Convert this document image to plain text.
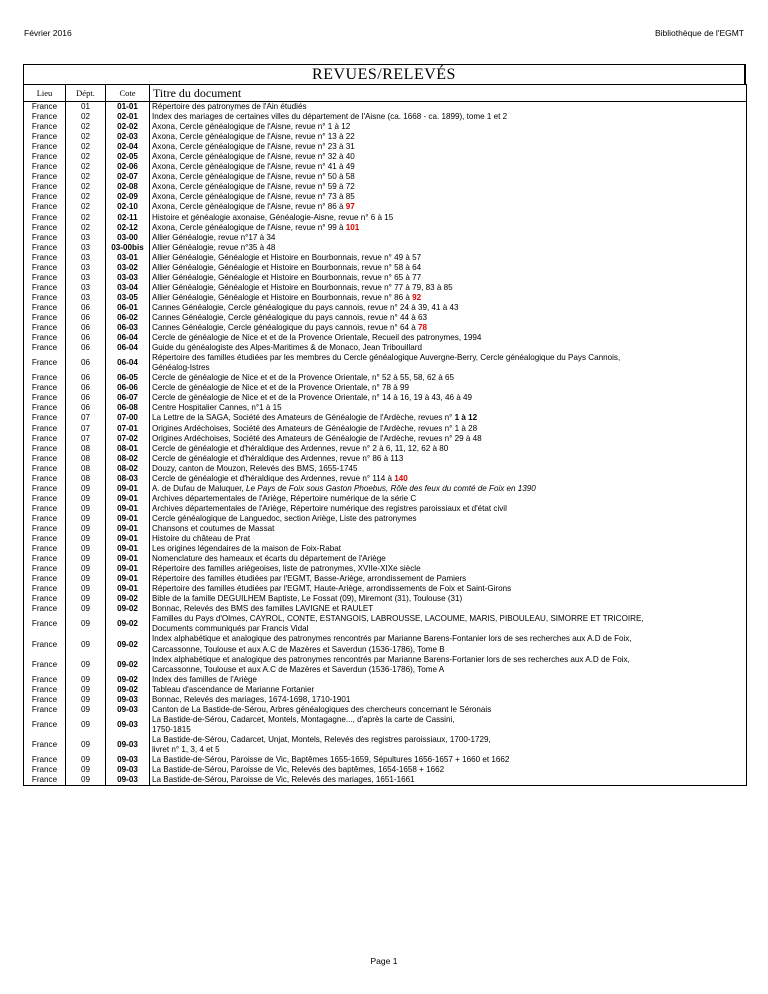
Février 2016	Bibliothèque de l'EGMT
REVUES/RELEVÉS
Lieu	Dépt.	Cote	Titre du document
France	01	01-01	Répertoire des patronymes de l'Ain étudiés
France	02	02-01	Index des mariages de certaines villes du département de l'Aisne (ca. 1668 - ca. 1899), tome 1 et 2
France	02	02-02	Axona, Cercle généalogique de l'Aisne, revue n° 1 à 12
France	02	02-03	Axona, Cercle généalogique de l'Aisne, revue n° 13 à 22
France	02	02-04	Axona, Cercle généalogique de l'Aisne, revue n° 23 à 31
France	02	02-05	Axona, Cercle généalogique de l'Aisne, revue n° 32 à 40
France	02	02-06	Axona, Cercle généalogique de l'Aisne, revue n° 41 à 49
France	02	02-07	Axona, Cercle généalogique de l'Aisne, revue n° 50 à 58
France	02	02-08	Axona, Cercle généalogique de l'Aisne, revue n° 59 à 72
France	02	02-09	Axona, Cercle généalogique de l'Aisne, revue n° 73 à 85
France	02	02-10	Axona, Cercle généalogique de l'Aisne, revue n° 86 à 97
France	02	02-11	Histoire et généalogie axonaise, Généalogie-Aisne, revue n° 6 à 15
France	02	02-12	Axona, Cercle généalogique de l'Aisne, revue n° 99 à 101
France	03	03-00	Allier Généalogie, revue n°17 à 34
France	03	03-00bis	Allier Généalogie, revue n°35 à 48
France	03	03-01	Allier Généalogie, Généalogie et Histoire en Bourbonnais, revue n° 49 à 57
France	03	03-02	Allier Généalogie, Généalogie et Histoire en Bourbonnais, revue n° 58 à 64
France	03	03-03	Allier Généalogie, Généalogie et Histoire en Bourbonnais, revue n° 65 à 77
France	03	03-04	Allier Généalogie, Généalogie et Histoire en Bourbonnais, revue n° 77 à 79, 83 à 85
France	03	03-05	Allier Généalogie, Généalogie et Histoire en Bourbonnais, revue n° 86 à 92
France	06	06-01	Cannes Généalogie, Cercle généalogique du pays cannois, revue n° 24 à 39, 41 à 43
France	06	06-02	Cannes Généalogie, Cercle généalogique du pays cannois, revue n° 44 à 63
France	06	06-03	Cannes Généalogie, Cercle généalogique du pays cannois, revue n° 64 à 78
France	06	06-04	Cercle de généalogie de Nice et et de la Provence Orientale, Recueil des patronymes, 1994
France	06	06-04	Guide du généalogiste des Alpes-Maritimes & de Monaco, Jean Tribouillard
France	06	06-04	Répertoire des familles étudiées par les membres du Cercle généalogique Auvergne-Berry, Cercle généalogique du Pays Cannois,
Généalog-Istres
France	06	06-05	Cercle de généalogie de Nice et et de la Provence Orientale, n° 52 à 55, 58, 62 à 65
France	06	06-06	Cercle de généalogie de Nice et et de la Provence Orientale, n° 78 à 99
France	06	06-07	Cercle de généalogie de Nice et et de la Provence Orientale, n° 14 à 16, 19 à 43, 46 à 49
France	06	06-08	Centre Hospitalier Cannes, n°1 à 15
France	07	07-00	La Lettre de la SAGA, Société des Amateurs de Généalogie de l'Ardèche, revues n° 1 à 12
France	07	07-01	Origines Ardéchoises, Société des Amateurs de Généalogie de l'Ardèche, revues n° 1 à 28
France	07	07-02	Origines Ardéchoises, Société des Amateurs de Généalogie de l'Ardèche, revues n° 29 à 48
France	08	08-01	Cercle de généalogie et d'héraldique des Ardennes, revue n° 2 à 6, 11, 12, 62 à 80
France	08	08-02	Cercle de généalogie et d'héraldique des Ardennes, revue n° 86 à 113
France	08	08-02	Douzy, canton de Mouzon, Relevés des BMS, 1655-1745
France	08	08-03	Cercle de généalogie et d'héraldique des Ardennes, revue n° 114 à 140
France	09	09-01	A. de Dufau de Maluquer, Le Pays de Foix sous Gaston Phoebus, Rôle des feux du comté de Foix en 1390
France	09	09-01	Archives départementales de l'Ariège, Répertoire numérique de la série C
France	09	09-01	Archives départementales de l'Ariège, Répertoire numérique des registres paroissiaux et d'état civil
France	09	09-01	Cercle généalogique de Languedoc, section Ariège, Liste des patronymes
France	09	09-01	Chansons et coutumes de Massat
France	09	09-01	Histoire du château de Prat
France	09	09-01	Les origines légendaires de la maison de Foix-Rabat
France	09	09-01	Nomenclature des hameaux et écarts du département de l'Ariège
France	09	09-01	Répertoire des familles ariégeoises, liste de patronymes, XVIIe-XIXe siècle
France	09	09-01	Répertoire des familles étudiées par l'EGMT, Basse-Ariège, arrondissement de Pamiers
France	09	09-01	Répertoire des familles étudiées par l'EGMT, Haute-Ariège, arrondissements de Foix et Saint-Girons
France	09	09-02	Bible de la famille DEGUILHEM Baptiste, Le Fossat (09), Miremont (31), Toulouse (31)
France	09	09-02	Bonnac, Relevés des BMS des familles LAVIGNE et RAULET
France	09	09-02	Familles du Pays d'Olmes, CAYROL, CONTE, ESTANGOIS, LABROUSSE, LACOUME, MARIS, PIBOULEAU, SIMORRE ET TRICOIRE,
Documents communiqués par Francis Vidal
France	09	09-02	Index alphabétique et analogique des patronymes rencontrés par Marianne Barens-Fontanier lors de ses recherches aux A.D de Foix,
Carcassonne, Toulouse et aux A.C de Mazères et Saverdun (1536-1786), Tome B
France	09	09-02	Index alphabétique et analogique des patronymes rencontrés par Marianne Barens-Fortanier lors de ses recherches aux A.D de Foix,
Carcassonne, Toulouse et aux A.C de Mazères et Saverdun (1536-1786), Tome A
France	09	09-02	Index des familles de l'Ariège
France	09	09-02	Tableau d'ascendance de Marianne Fortanier
France	09	09-03	Bonnac, Relevés des mariages, 1674-1698, 1710-1901
France	09	09-03	Canton de La Bastide-de-Sérou, Arbres généalogiques des chercheurs concernant le Séronais
France	09	09-03	La Bastide-de-Sérou, Cadarcet, Montels, Montagagne..., d'après la carte de Cassini,
1750-1815
France	09	09-03	La Bastide-de-Sérou, Cadarcet, Unjat, Montels, Relevés des registres paroissiaux, 1700-1729,
livret n° 1, 3, 4 et 5
France	09	09-03	La Bastide-de-Sérou, Paroisse de Vic, Baptêmes 1655-1659, Sépultures 1656-1657 + 1660 et 1662
France	09	09-03	La Bastide-de-Sérou, Paroisse de Vic, Relevés des baptêmes, 1654-1658 + 1662
France	09	09-03	La Bastide-de-Sérou, Paroisse de Vic, Relevés des mariages, 1651-1661
Page 1
